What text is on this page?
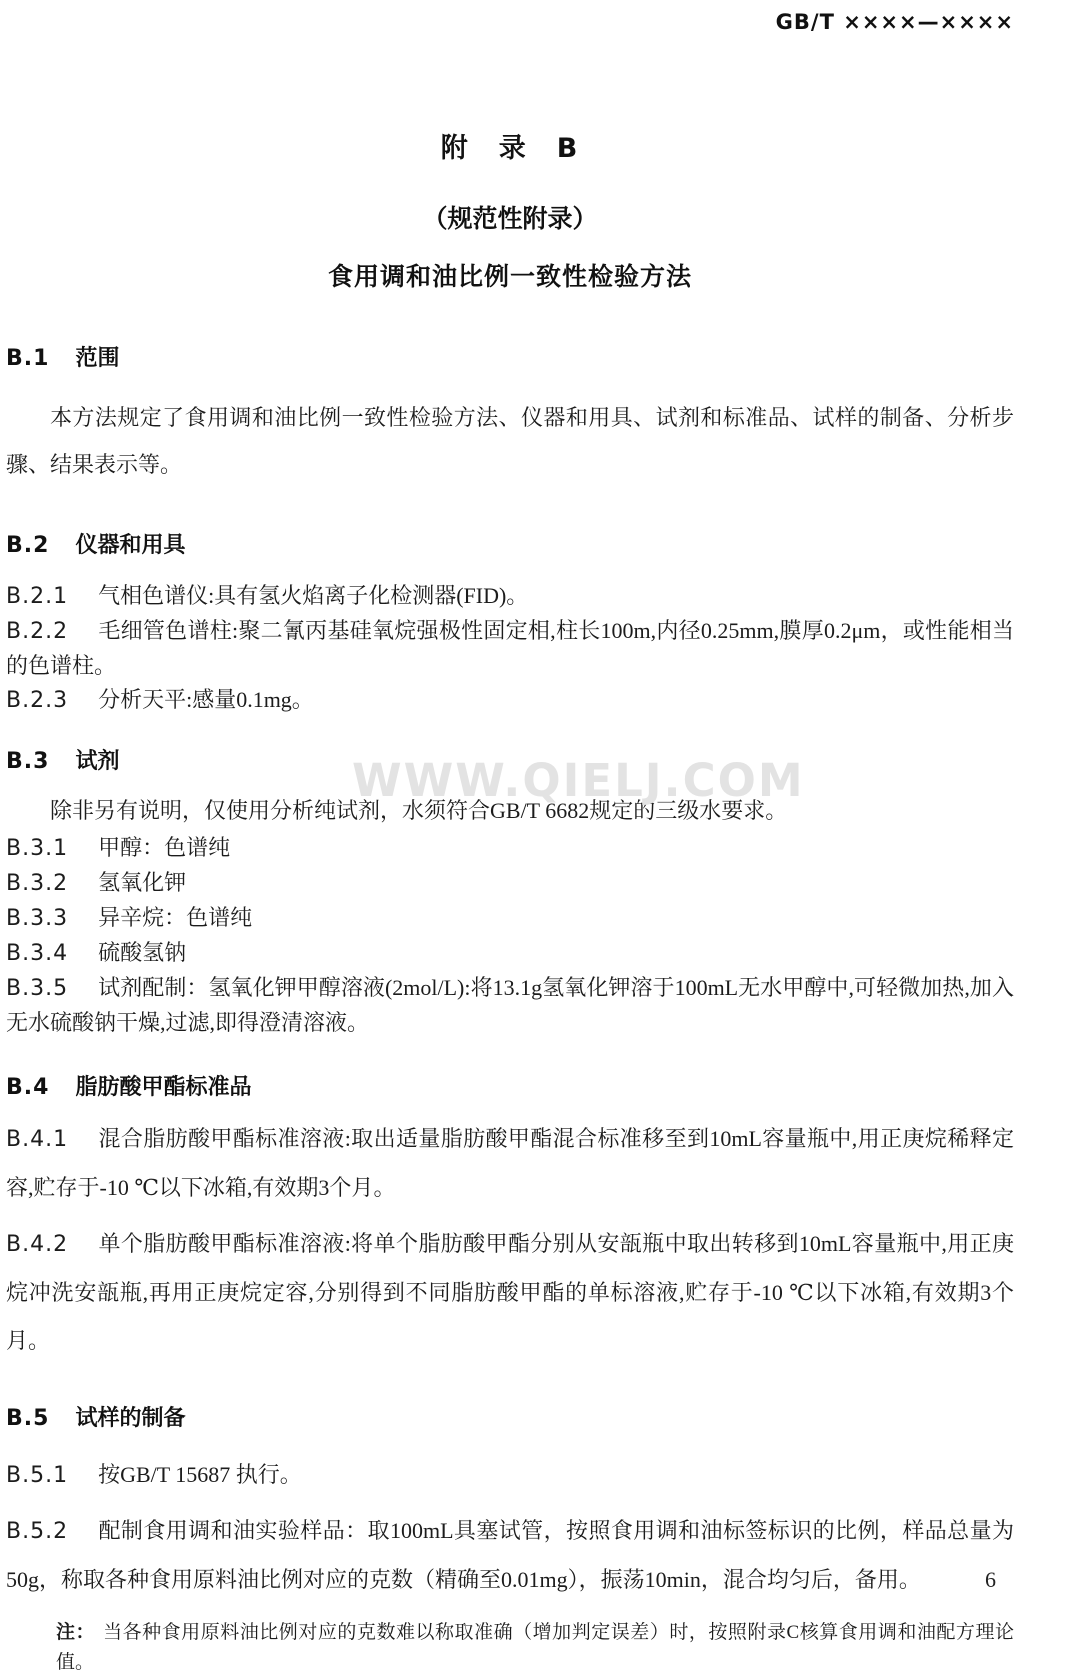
WWW.QIELJ.COM
GB/T ××××—××××
附　录　B
（规范性附录）
食用调和油比例一致性检验方法

B.1 范围

本方法规定了食用调和油比例一致性检验方法、仪器和用具、试剂和标准品、试样的制备、分析步骤、结果表示等。

B.2 仪器和用具

B.2.1 气相色谱仪:具有氢火焰离子化检测器(FID)。

B.2.2 毛细管色谱柱:聚二氰丙基硅氧烷强极性固定相,柱长100m,内径0.25mm,膜厚0.2μm，或性能相当的色谱柱。

B.2.3 分析天平:感量0.1mg。

B.3 试剂

除非另有说明，仅使用分析纯试剂，水须符合GB/T 6682规定的三级水要求。

B.3.1 甲醇：色谱纯

B.3.2 氢氧化钾

B.3.3 异辛烷：色谱纯

B.3.4 硫酸氢钠

B.3.5 试剂配制：氢氧化钾甲醇溶液(2mol/L):将13.1g氢氧化钾溶于100mL无水甲醇中,可轻微加热,加入无水硫酸钠干燥,过滤,即得澄清溶液。

B.4 脂肪酸甲酯标准品

B.4.1 混合脂肪酸甲酯标准溶液:取出适量脂肪酸甲酯混合标准移至到10mL容量瓶中,用正庚烷稀释定容,贮存于-10 ℃以下冰箱,有效期3个月。

B.4.2 单个脂肪酸甲酯标准溶液:将单个脂肪酸甲酯分别从安瓿瓶中取出转移到10mL容量瓶中,用正庚烷冲洗安瓿瓶,再用正庚烷定容,分别得到不同脂肪酸甲酯的单标溶液,贮存于-10 ℃以下冰箱,有效期3个月。

B.5 试样的制备

B.5.1 按GB/T 15687 执行。

B.5.2 配制食用调和油实验样品：取100mL具塞试管，按照食用调和油标签标识的比例，样品总量为50g，称取各种食用原料油比例对应的克数（精确至0.01mg），振荡10min，混合均匀后，备用。

注： 当各种食用原料油比例对应的克数难以称取准确（增加判定误差）时，按照附录C核算食用调和油配方理论值。

6
